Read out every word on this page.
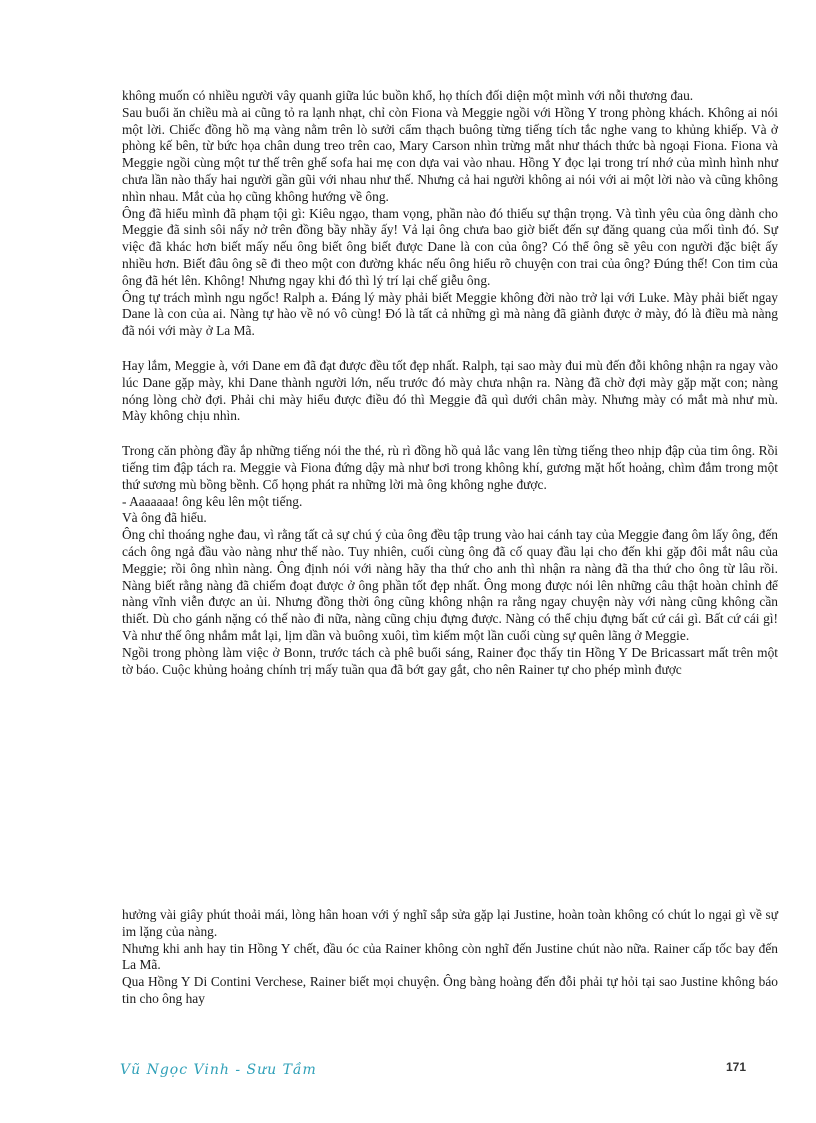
không muốn có nhiều người vây quanh giữa lúc buồn khổ, họ thích đối diện một mình với nỗi thương đau.

Sau buổi ăn chiều mà ai cũng tỏ ra lạnh nhạt, chỉ còn Fiona và Meggie ngồi với Hồng Y trong phòng khách. Không ai nói một lời. Chiếc đồng hồ mạ vàng nằm trên lò sưởi cẩm thạch buông từng tiếng tích tắc nghe vang to khủng khiếp. Và ở phòng kế bên, từ bức họa chân dung treo trên cao, Mary Carson nhìn trừng mắt như thách thức bà ngoại Fiona. Fiona và Meggie ngồi cùng một tư thế trên ghế sofa hai mẹ con dựa vai vào nhau. Hồng Y đọc lại trong trí nhớ của mình hình như chưa lần nào thấy hai người gần gũi với nhau như thế. Nhưng cả hai người không ai nói với ai một lời nào và cũng không nhìn nhau. Mắt của họ cũng không hướng về ông.

Ông đã hiểu mình đã phạm tội gì: Kiêu ngạo, tham vọng, phần nào đó thiếu sự thận trọng. Và tình yêu của ông dành cho Meggie đã sinh sôi nẩy nở trên đồng bầy nhầy ấy! Vả lại ông chưa bao giờ biết đến sự đăng quang của mối tình đó. Sự việc đã khác hơn biết mấy nếu ông biết ông biết được Dane là con của ông? Có thể ông sẽ yêu con người đặc biệt ấy nhiều hơn. Biết đâu ông sẽ đi theo một con đường khác nếu ông hiểu rõ chuyện con trai của ông? Đúng thế! Con tim của ông đã hét lên. Không! Nhưng ngay khi đó thì lý trí lại chế giễu ông.

Ông tự trách mình ngu ngốc! Ralph a. Đáng lý mày phải biết Meggie không đời nào trở lại với Luke. Mày phải biết ngay Dane là con của ai. Nàng tự hào về nó vô cùng! Đó là tất cả những gì mà nàng đã giành được ở mày, đó là điều mà nàng đã nói với mày ở La Mã.

Hay lắm, Meggie à, với Dane em đã đạt được đều tốt đẹp nhất. Ralph, tại sao mày đui mù đến đỗi không nhận ra ngay vào lúc Dane gặp mày, khi Dane thành người lớn, nếu trước đó mày chưa nhận ra. Nàng đã chờ đợi mày gặp mặt con; nàng nóng lòng chờ đợi. Phải chi mày hiểu được điều đó thì Meggie đã quì dưới chân mày. Nhưng mày có mắt mà như mù. Mày không chịu nhìn.

Trong căn phòng đầy ắp những tiếng nói the thé, rù rì đồng hồ quả lắc vang lên từng tiếng theo nhịp đập của tim ông. Rồi tiếng tim đập tách ra. Meggie và Fiona đứng dậy mà như bơi trong không khí, gương mặt hốt hoảng, chìm đắm trong một thứ sương mù bồng bềnh. Cổ họng phát ra những lời mà ông không nghe được.

- Aaaaaaa! ông kêu lên một tiếng.

Và ông đã hiểu.

Ông chỉ thoáng nghe đau, vì rằng tất cả sự chú ý của ông đều tập trung vào hai cánh tay của Meggie đang ôm lấy ông, đến cách ông ngả đầu vào nàng như thế nào. Tuy nhiên, cuối cùng ông đã cố quay đầu lại cho đến khi gặp đôi mắt nâu của Meggie; rồi ông nhìn nàng. Ông định nói với nàng hãy tha thứ cho anh thì nhận ra nàng đã tha thứ cho ông từ lâu rồi. Nàng biết rằng nàng đã chiếm đoạt được ở ông phần tốt đẹp nhất. Ông mong được nói lên những câu thật hoàn chỉnh để nàng vĩnh viễn được an ủi. Nhưng đồng thời ông cũng không nhận ra rằng ngay chuyện này với nàng cũng không cần thiết. Dù cho gánh nặng có thế nào đi nữa, nàng cũng chịu đựng được. Nàng có thể chịu đựng bất cứ cái gì. Bất cứ cái gì! Và như thế ông nhắm mắt lại, lịm dần và buông xuôi, tìm kiếm một lần cuối cùng sự quên lãng ở Meggie.

Ngồi trong phòng làm việc ở Bonn, trước tách cà phê buổi sáng, Rainer đọc thấy tin Hồng Y De Bricassart mất trên một tờ báo. Cuộc khủng hoảng chính trị mấy tuần qua đã bớt gay gắt, cho nên Rainer tự cho phép mình được

hưởng vài giây phút thoải mái, lòng hân hoan với ý nghĩ sắp sửa gặp lại Justine, hoàn toàn không có chút lo ngại gì về sự im lặng của nàng.

Nhưng khi anh hay tin Hồng Y chết, đầu óc của Rainer không còn nghĩ đến Justine chút nào nữa. Rainer cấp tốc bay đến La Mã.

Qua Hồng Y Di Contini Verchese, Rainer biết mọi chuyện. Ông bàng hoàng đến đỗi phải tự hỏi tại sao Justine không báo tin cho ông hay

Vũ Ngọc Vinh - Sưu Tầm	171
